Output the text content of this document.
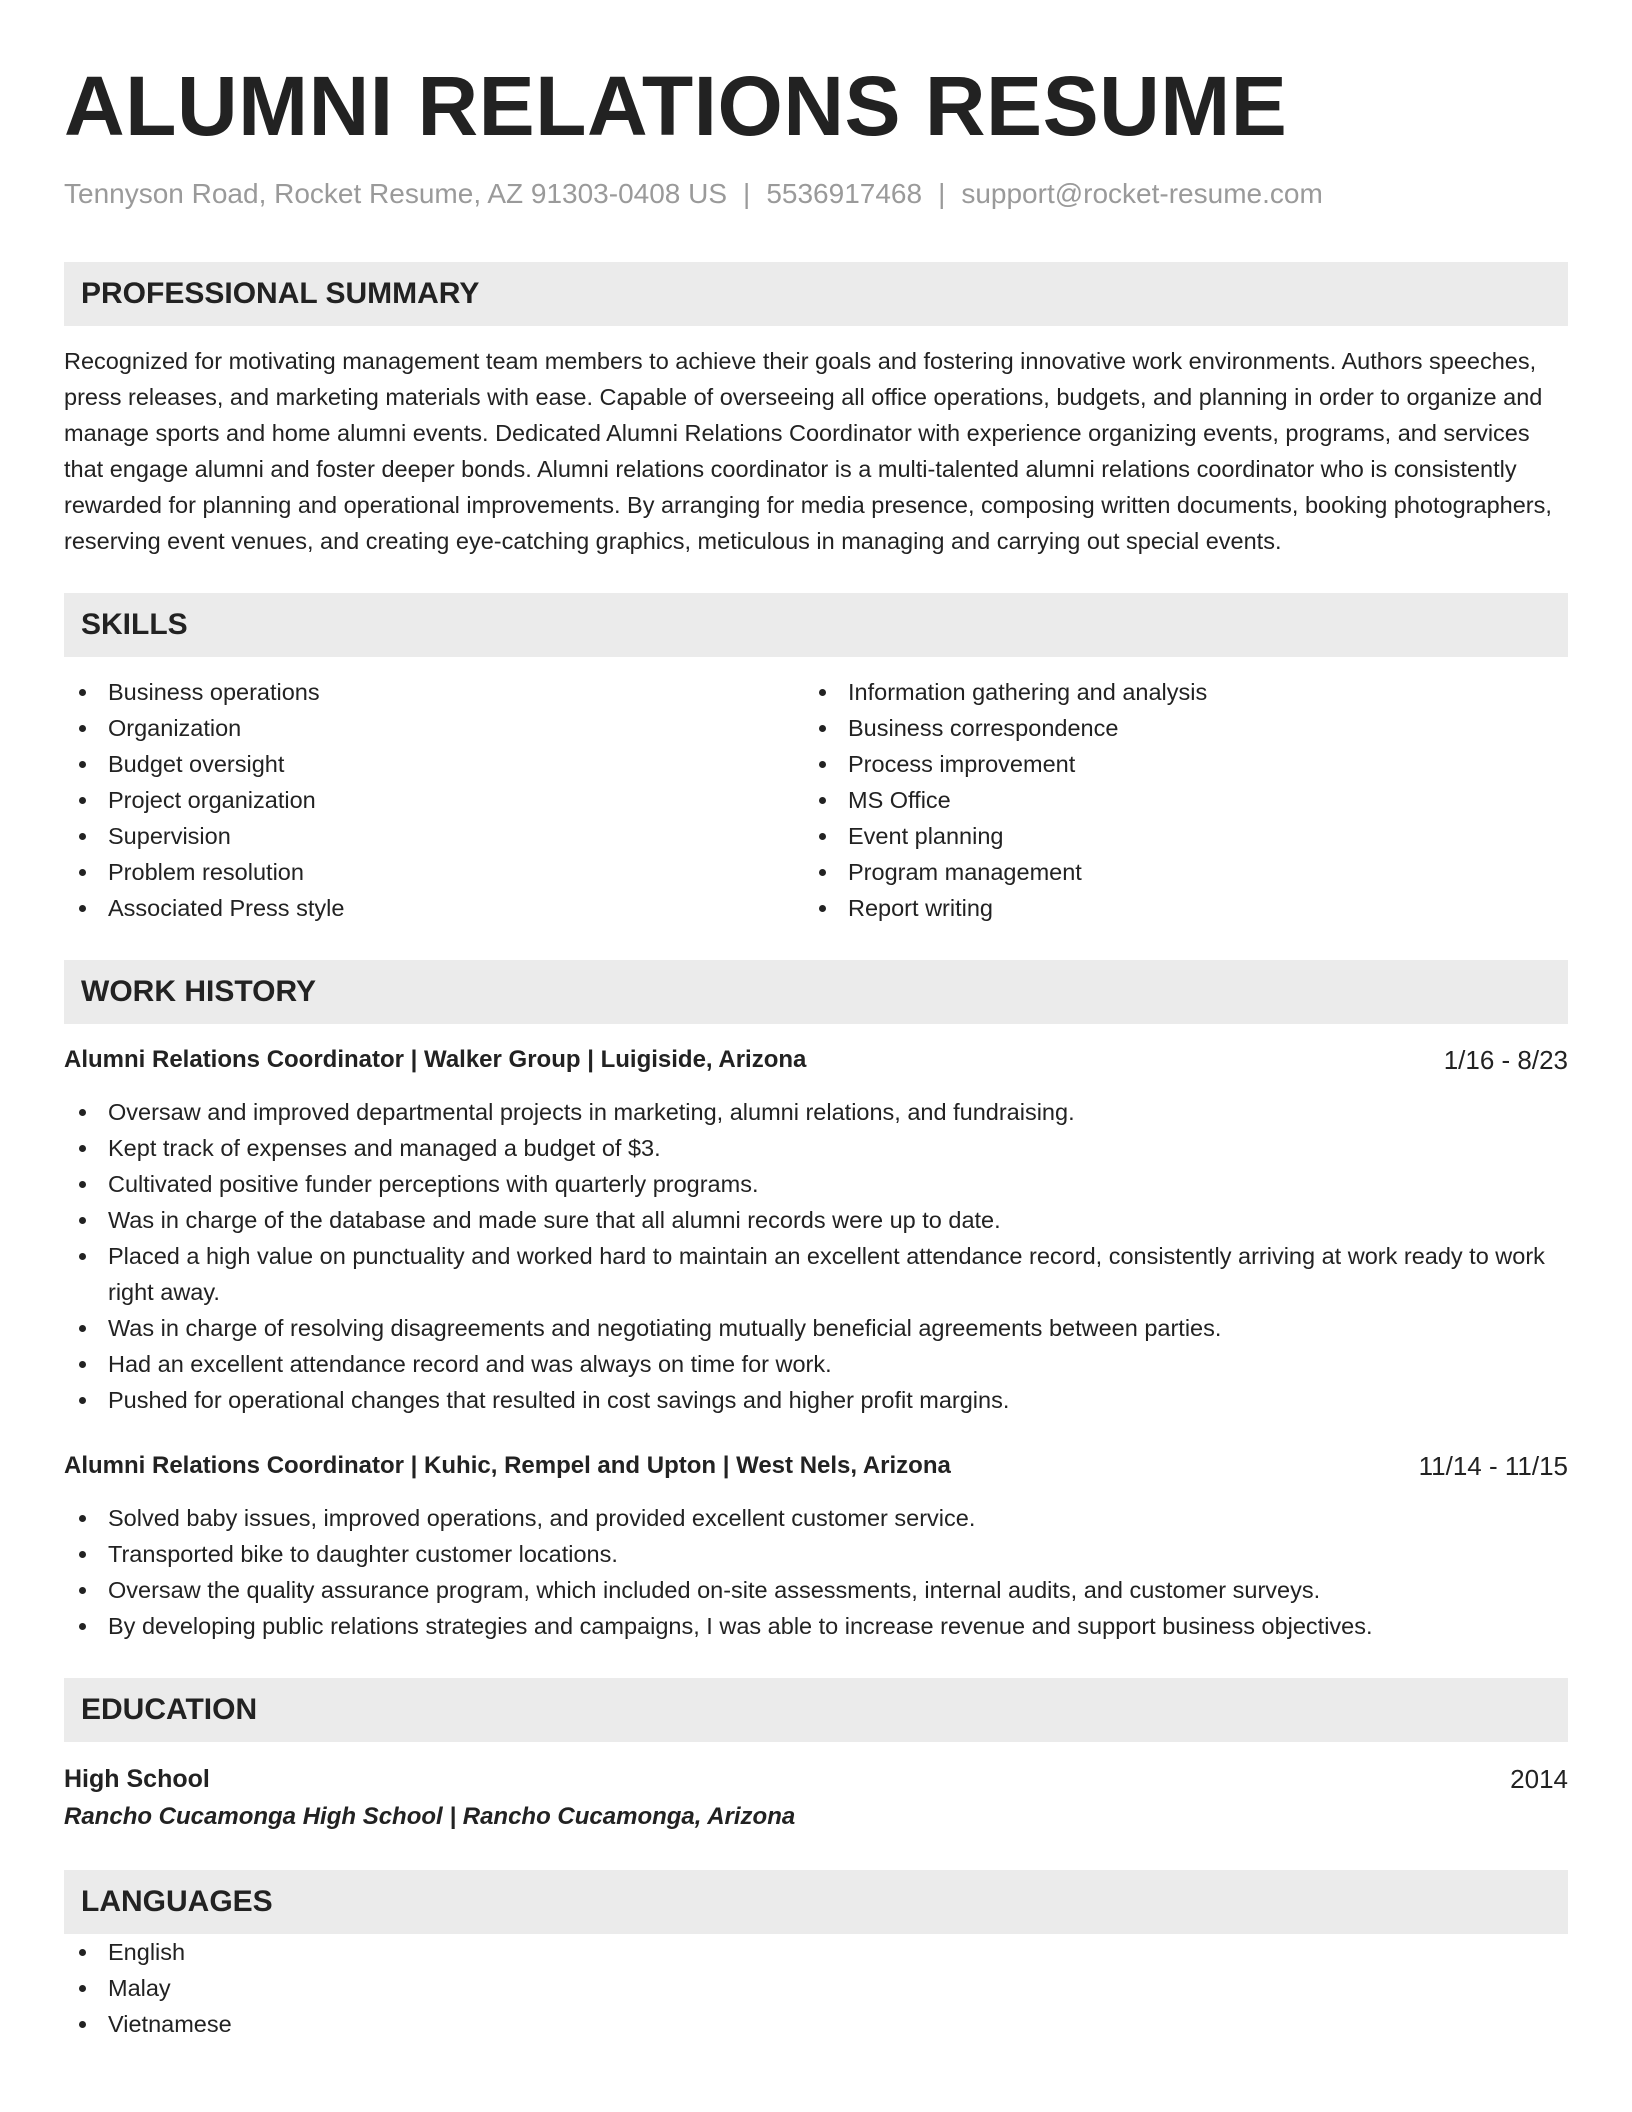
ALUMNI RELATIONS RESUME
Tennyson Road, Rocket Resume, AZ 91303-0408 US | 5536917468 | support@rocket-resume.com
PROFESSIONAL SUMMARY
Recognized for motivating management team members to achieve their goals and fostering innovative work environments. Authors speeches, press releases, and marketing materials with ease. Capable of overseeing all office operations, budgets, and planning in order to organize and manage sports and home alumni events. Dedicated Alumni Relations Coordinator with experience organizing events, programs, and services that engage alumni and foster deeper bonds. Alumni relations coordinator is a multi-talented alumni relations coordinator who is consistently rewarded for planning and operational improvements. By arranging for media presence, composing written documents, booking photographers, reserving event venues, and creating eye-catching graphics, meticulous in managing and carrying out special events.
SKILLS
Business operations
Organization
Budget oversight
Project organization
Supervision
Problem resolution
Associated Press style
Information gathering and analysis
Business correspondence
Process improvement
MS Office
Event planning
Program management
Report writing
WORK HISTORY
Alumni Relations Coordinator | Walker Group | Luigiside, Arizona	1/16 - 8/23
Oversaw and improved departmental projects in marketing, alumni relations, and fundraising.
Kept track of expenses and managed a budget of $3.
Cultivated positive funder perceptions with quarterly programs.
Was in charge of the database and made sure that all alumni records were up to date.
Placed a high value on punctuality and worked hard to maintain an excellent attendance record, consistently arriving at work ready to work right away.
Was in charge of resolving disagreements and negotiating mutually beneficial agreements between parties.
Had an excellent attendance record and was always on time for work.
Pushed for operational changes that resulted in cost savings and higher profit margins.
Alumni Relations Coordinator | Kuhic, Rempel and Upton | West Nels, Arizona	11/14 - 11/15
Solved baby issues, improved operations, and provided excellent customer service.
Transported bike to daughter customer locations.
Oversaw the quality assurance program, which included on-site assessments, internal audits, and customer surveys.
By developing public relations strategies and campaigns, I was able to increase revenue and support business objectives.
EDUCATION
High School	2014
Rancho Cucamonga High School | Rancho Cucamonga, Arizona
LANGUAGES
English
Malay
Vietnamese
